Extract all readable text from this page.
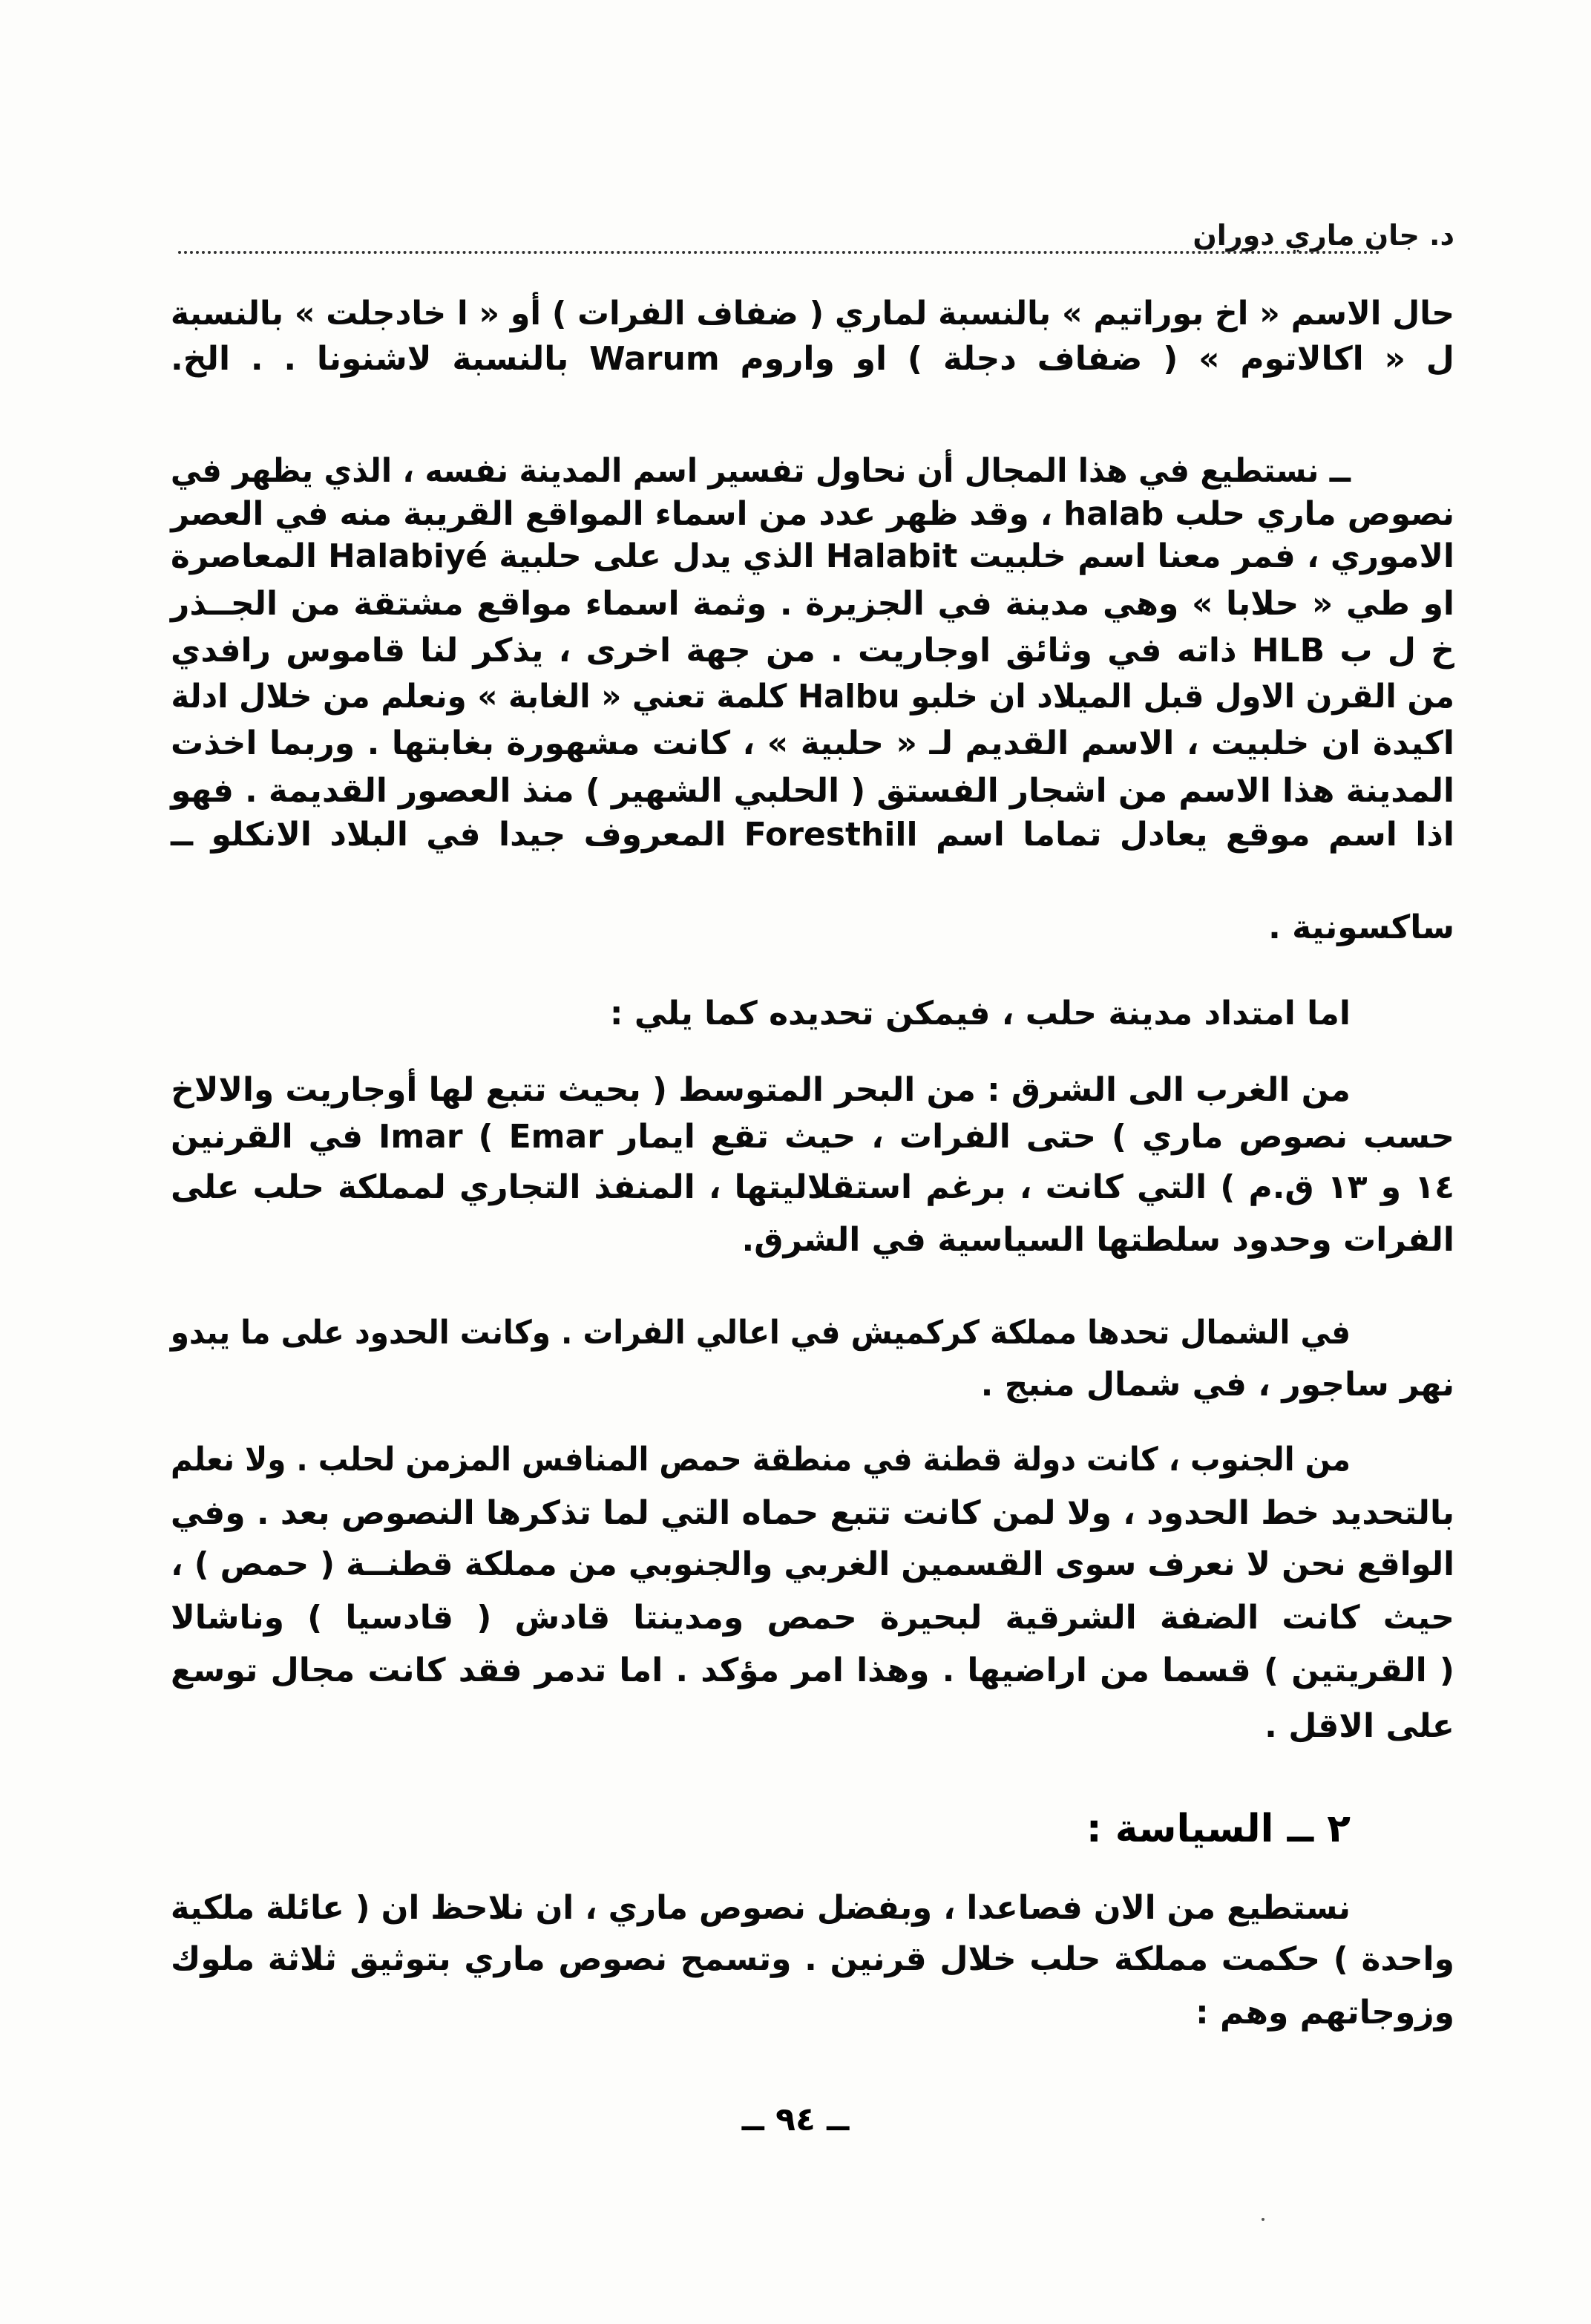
د. جان ماري دوران
حال الاسم « اخ بوراتيم » بالنسبة لماري ( ضفاف الفرات ) أو « ا خادجلت » بالنسبة
ل « اكالاتوم » ( ضفاف دجلة ) او واروم Warum بالنسبة لاشنونا . . الخ.
ــ نستطيع في هذا المجال أن نحاول تفسير اسم المدينة نفسه ، الذي يظهر في
نصوص ماري حلب halab ، وقد ظهر عدد من اسماء المواقع القريبة منه في العصر
الاموري ، فمر معنا اسم خلبيت Halabit الذي يدل على حلبية Halabiyé المعاصرة
او طي « حلابا » وهي مدينة في الجزيرة . وثمة اسماء مواقع مشتقة من الجــذر
خ ل ب HLB ذاته في وثائق اوجاريت . من جهة اخرى ، يذكر لنا قاموس رافدي
من القرن الاول قبل الميلاد ان خلبو Halbu كلمة تعني « الغابة » ونعلم من خلال ادلة
اكيدة ان خلبيت ، الاسم القديم لـ « حلبية » ، كانت مشهورة بغابتها . وربما اخذت
المدينة هذا الاسم من اشجار الفستق ( الحلبي الشهير ) منذ العصور القديمة . فهو
اذا اسم موقع يعادل تماما اسم Foresthill المعروف جيدا في البلاد الانكلو ــ
ساكسونية .
اما امتداد مدينة حلب ، فيمكن تحديده كما يلي :
من الغرب الى الشرق : من البحر المتوسط ( بحيث تتبع لها أوجاريت والالاخ
حسب نصوص ماري ) حتى الفرات ، حيث تقع ايمار Imar ( Emar في القرنين
١٤ و ١٣ ق.م ) التي كانت ، برغم استقلاليتها ، المنفذ التجاري لمملكة حلب على
الفرات وحدود سلطتها السياسية في الشرق.
في الشمال تحدها مملكة كركميش في اعالي الفرات . وكانت الحدود على ما يبدو
نهر ساجور ، في شمال منبج .
من الجنوب ، كانت دولة قطنة في منطقة حمص المنافس المزمن لحلب . ولا نعلم
بالتحديد خط الحدود ، ولا لمن كانت تتبع حماه التي لما تذكرها النصوص بعد . وفي
الواقع نحن لا نعرف سوى القسمين الغربي والجنوبي من مملكة قطنــة ( حمص ) ،
حيث كانت الضفة الشرقية لبحيرة حمص ومدينتا قادش ( قادسيا ) وناشالا
( القريتين ) قسما من اراضيها . وهذا امر مؤكد . اما تدمر فقد كانت مجال توسع
على الاقل .
٢ ــ السياسة :
نستطيع من الان فصاعدا ، وبفضل نصوص ماري ، ان نلاحظ ان ( عائلة ملكية
واحدة ) حكمت مملكة حلب خلال قرنين . وتسمح نصوص ماري بتوثيق ثلاثة ملوك
وزوجاتهم وهم :
ــ ٩٤ ــ
